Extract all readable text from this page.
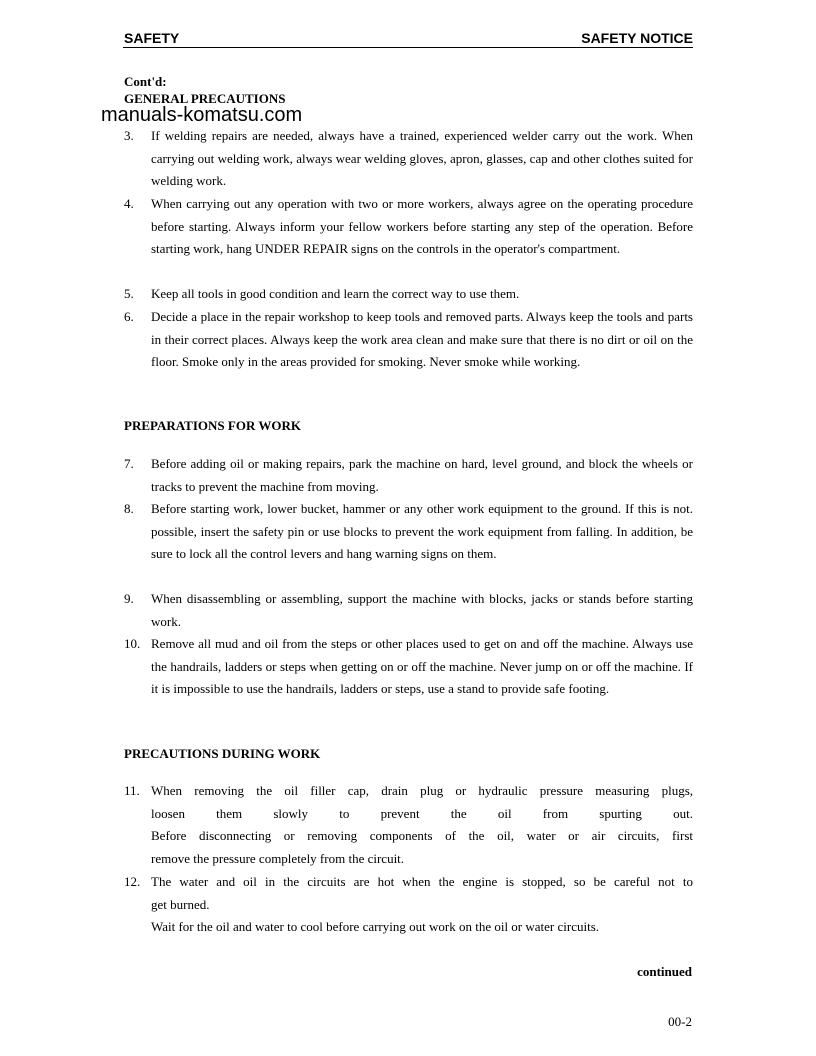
SAFETY	SAFETY NOTICE
Cont'd:
GENERAL PRECAUTIONS
manuals-komatsu.com
3.	If welding repairs are needed, always have a trained, experienced welder carry out the work. When carrying out welding work, always wear welding gloves, apron, glasses, cap and other clothes suited for welding work.
4.	When carrying out any operation with two or more workers, always agree on the operating procedure before starting. Always inform your fellow workers before starting any step of the operation. Before starting work, hang UNDER REPAIR signs on the controls in the operator's compartment.
5.	Keep all tools in good condition and learn the correct way to use them.
6.	Decide a place in the repair workshop to keep tools and removed parts. Always keep the tools and parts in their correct places. Always keep the work area clean and make sure that there is no dirt or oil on the floor. Smoke only in the areas provided for smoking. Never smoke while working.
PREPARATIONS FOR WORK
7.	Before adding oil or making repairs, park the machine on hard, level ground, and block the wheels or tracks to prevent the machine from moving.
8.	Before starting work, lower bucket, hammer or any other work equipment to the ground. If this is not. possible, insert the safety pin or use blocks to prevent the work equipment from falling. In addition, be sure to lock all the control levers and hang warning signs on them.
9.	When disassembling or assembling, support the machine with blocks, jacks or stands before starting work.
10. Remove all mud and oil from the steps or other places used to get on and off the machine. Always use the handrails, ladders or steps when getting on or off the machine. Never jump on or off the machine. If it is impossible to use the handrails, ladders or steps, use a stand to provide safe footing.
PRECAUTIONS DURING WORK
11. When removing the oil filler cap, drain plug or hydraulic pressure measuring plugs,
loosen them slowly to prevent the oil from spurting out.
Before disconnecting or removing components of the oil, water or air circuits, first
remove the pressure completely from the circuit.
12. The water and oil in the circuits are hot when the engine is stopped, so be careful not to
get burned.
Wait for the oil and water to cool before carrying out work on the oil or water circuits.
continued
00-2
